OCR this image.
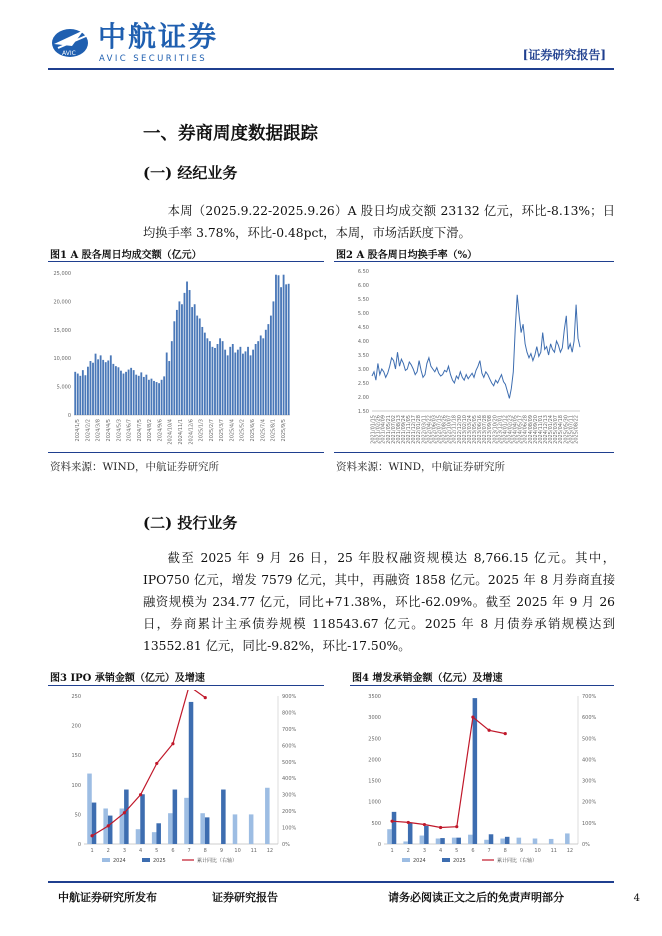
AVIC
中航证券
AVIC SECURITIES	[证券研究报告]
一、券商周度数据跟踪
(一) 经纪业务
本周（2025.9.22-2025.9.26）A 股日均成交额 23132 亿元，环比-8.13%；日均换手率 3.78%，环比-0.48pct，本周，市场活跃度下滑。
图1 A 股各周日均成交额（亿元）
0
5,000
10,000
15,000
20,000
25,000
2024/1/5 2024/2/2 2024/3/8 2024/4/5 2024/5/3 2024/6/7 2024/7/5 2024/8/2 2024/9/6 2024/10/4 2024/11/1 2024/12/6 2025/1/3 2025/2/7 2025/3/7 2025/4/4 2025/5/2 2025/6/6 2025/7/4 2025/8/1 2025/9/5
资料来源：WIND，中航证券研究所
图2 A 股各周日均换手率（%）
1.50
2.00
2.50
3.00
3.50
4.00
4.50
5.00
5.50
6.00
6.50
2021/01/15 2021/02/26 2021/04/09 2021/05/21 2021/07/02 2021/08/13 2021/09/24 2021/11/05 2021/12/17 2022/01/28 2022/03/11 2022/04/22 2022/06/03 2022/07/15 2022/08/26 2022/10/07 2022/11/18 2022/12/30 2023/02/10 2023/03/24 2023/05/05 2023/06/16 2023/07/28 2023/09/08 2023/10/20 2023/12/01 2024/01/12 2024/02/23 2024/04/05 2024/05/17 2024/06/28 2024/08/09 2024/09/20 2024/11/01 2024/12/13 2025/01/24 2025/03/07 2025/04/18 2025/05/30 2025/07/11 2025/08/22
资料来源：WIND，中航证券研究所
(二) 投行业务
截至 2025 年 9 月 26 日，25 年股权融资规模达 8,766.15 亿元。其中，IPO750 亿元，增发 7579 亿元，其中，再融资 1858 亿元。2025 年 8 月券商直接融资规模为 234.77 亿元，同比+71.38%，环比-62.09%。截至 2025 年 9 月 26 日，券商累计主承债券规模 118543.67 亿元。2025 年 8 月债券承销规模达到 13552.81 亿元，同比-9.82%，环比-17.50%。
图3 IPO 承销金额（亿元）及增速
0
50
100
150
200
250
0%
100%
200%
300%
400%
500%
600%
700%
800%
900%
1	2	3	4	5	6	7	8	9 10 11 12
2024	2025	累计同比（右轴）
图4 增发承销金额（亿元）及增速
0
500
1000
1500
2000
2500
3000
3500
0%
100%
200%
300%
400%
500%
600%
700%
1	2	3	4	5	6	7	8	9 10 11 12
2024	2025	累计同比（右轴）
中航证券研究所发布	证券研究报告	请务必阅读正文之后的免责声明部分	4
